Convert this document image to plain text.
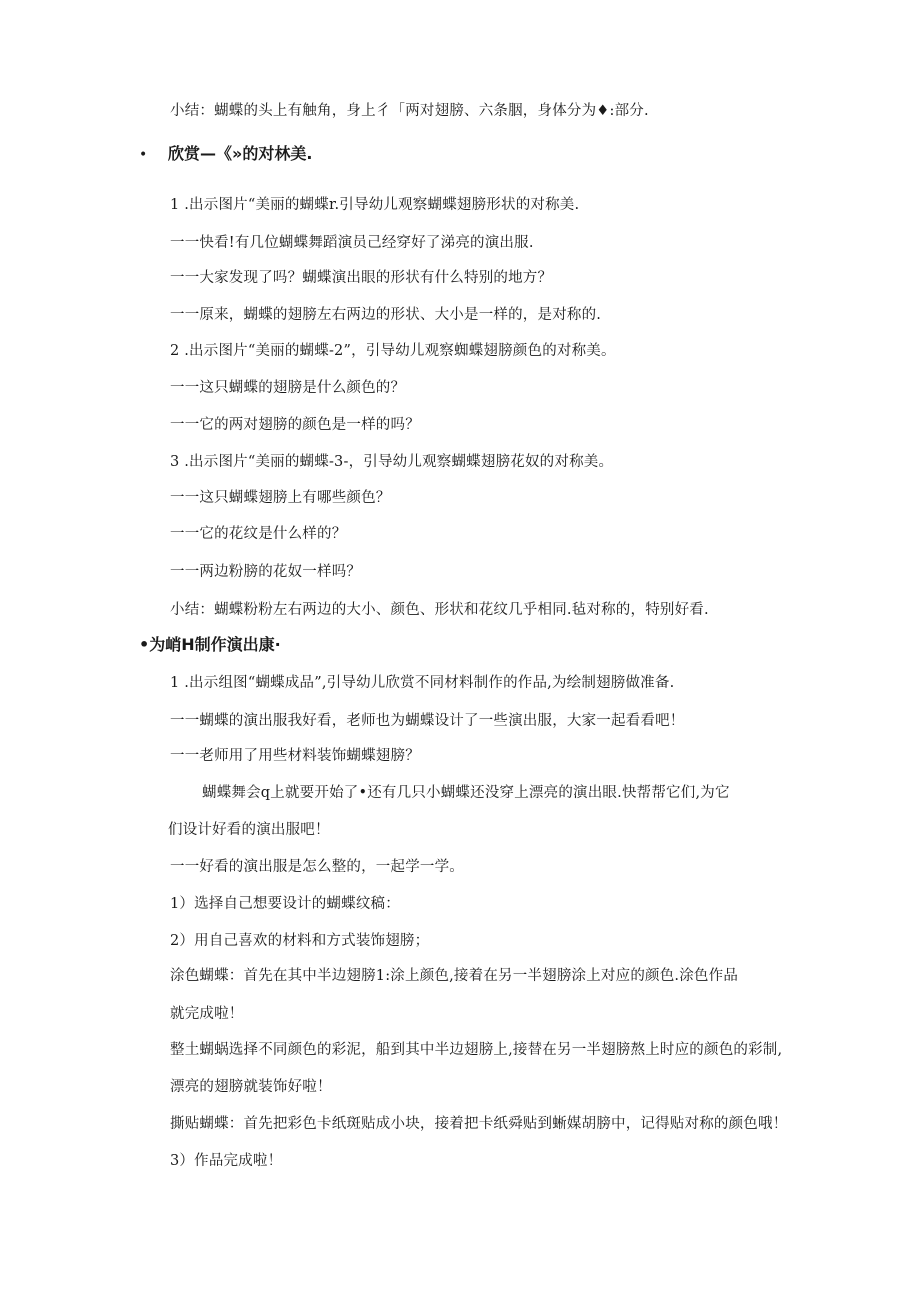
小结：蝴蝶的头上有触角，身上彳「两对翅膀、六条胭，身体分为♦:部分.
• 欣赏—《»的对林美.
1 .出示图片“美丽的蝴蝶r.引导幼儿观察蝴蝶翅膀形状的对称美.
一一快看!有几位蝴蝶舞蹈演员己经穿好了涕亮的演出服.
一一大家发现了吗？蝴蝶演出眼的形状有什么特别的地方？
一一原来，蝴蝶的翅膀左右两边的形状、大小是一样的，是对称的.
2 .出示图片“美丽的蝴蝶-2”，引导幼儿观察蜘蝶翅膀颜色的对称美。
一一这只蝴蝶的翅膀是什么颜色的？
一一它的两对翅膀的颜色是一样的吗？
3 .出示图片“美丽的蝴蝶-3-，引导幼儿观察蝴蝶翅膀花奴的对称美。
一一这只蝴蝶翅膀上有哪些颜色？
一一它的花纹是什么样的？
一一两边粉膀的花奴一样吗？
小结：蝴蝶粉粉左右两边的大小、颜色、形状和花纹几乎相同.毡对称的，特别好看.
•为峭H制作演出康·
1 .出示组图“蝴蝶成品”,引导幼儿欣赏不同材料制作的作品,为绘制翅膀做准备.
一一蝴蝶的演出服我好看，老师也为蝴蝶设计了一些演出服，大家一起看看吧！
一一老师用了用些材料装饰蝴蝶翅膀？
蝴蝶舞会q上就要开始了•还有几只小蝴蝶还没穿上漂亮的演出眼.快帮帮它们,为它
们设计好看的演出服吧！
一一好看的演出服是怎么整的，一起学一学。
1）选择自己想要设计的蝴蝶纹稿：
2）用自己喜欢的材料和方式装饰翅膀；
涂色蝴蝶：首先在其中半边翅膀1:涂上颜色,接着在另一半翅膀涂上对应的颜色.涂色作品
就完成啦！
整土蝴蜗选择不同颜色的彩泥，船到其中半边翅膀上,接替在另一半翅膀熬上时应的颜色的彩制,
漂亮的翅膀就装饰好啦！
撕贴蝴蝶：首先把彩色卡纸斑贴成小块，接着把卡纸舜贴到蜥媒胡膀中，记得贴对称的颜色哦！
3）作品完成啦！
